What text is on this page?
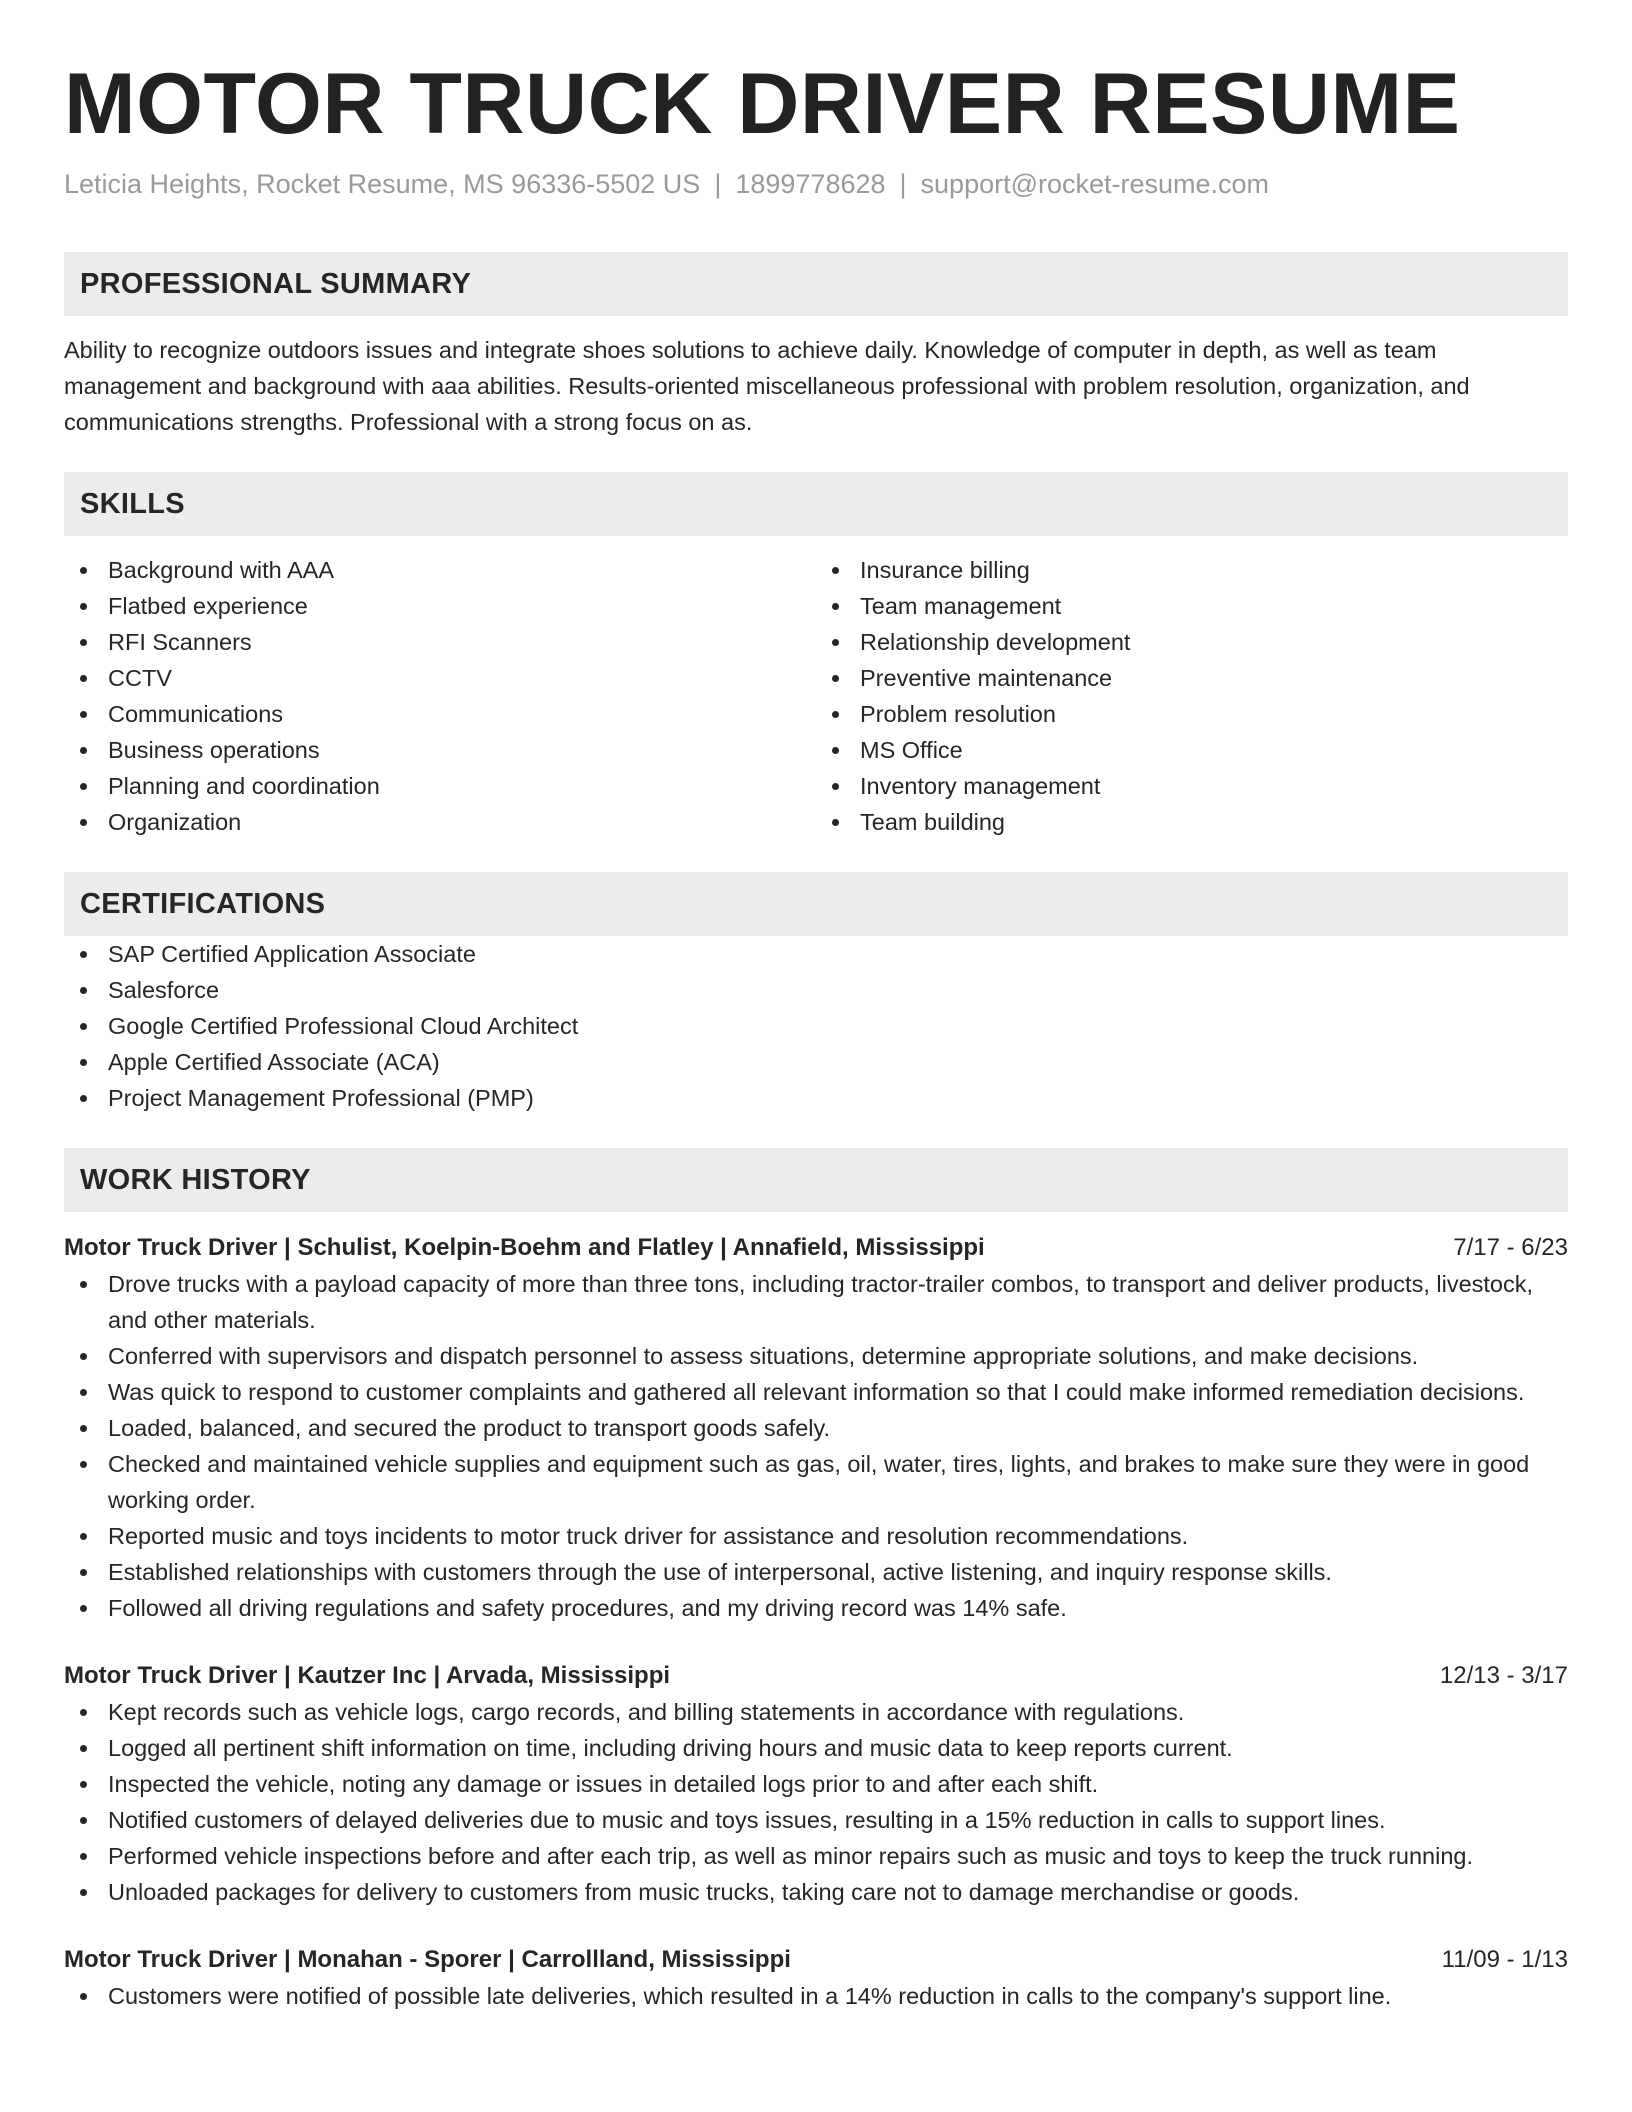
MOTOR TRUCK DRIVER RESUME
Leticia Heights, Rocket Resume, MS 96336-5502 US | 1899778628 | support@rocket-resume.com
PROFESSIONAL SUMMARY

Ability to recognize outdoors issues and integrate shoes solutions to achieve daily. Knowledge of computer in depth, as well as team management and background with aaa abilities. Results-oriented miscellaneous professional with problem resolution, organization, and communications strengths. Professional with a strong focus on as.

SKILLS
Background with AAA
Flatbed experience
RFI Scanners
CCTV
Communications
Business operations
Planning and coordination
Organization
Insurance billing
Team management
Relationship development
Preventive maintenance
Problem resolution
MS Office
Inventory management
Team building
CERTIFICATIONS
SAP Certified Application Associate
Salesforce
Google Certified Professional Cloud Architect
Apple Certified Associate (ACA)
Project Management Professional (PMP)
WORK HISTORY
Motor Truck Driver | Schulist, Koelpin-Boehm and Flatley | Annafield, Mississippi	7/17 - 6/23
Drove trucks with a payload capacity of more than three tons, including tractor-trailer combos, to transport and deliver products, livestock, and other materials.
Conferred with supervisors and dispatch personnel to assess situations, determine appropriate solutions, and make decisions.
Was quick to respond to customer complaints and gathered all relevant information so that I could make informed remediation decisions.
Loaded, balanced, and secured the product to transport goods safely.
Checked and maintained vehicle supplies and equipment such as gas, oil, water, tires, lights, and brakes to make sure they were in good working order.
Reported music and toys incidents to motor truck driver for assistance and resolution recommendations.
Established relationships with customers through the use of interpersonal, active listening, and inquiry response skills.
Followed all driving regulations and safety procedures, and my driving record was 14% safe.
Motor Truck Driver | Kautzer Inc | Arvada, Mississippi	12/13 - 3/17
Kept records such as vehicle logs, cargo records, and billing statements in accordance with regulations.
Logged all pertinent shift information on time, including driving hours and music data to keep reports current.
Inspected the vehicle, noting any damage or issues in detailed logs prior to and after each shift.
Notified customers of delayed deliveries due to music and toys issues, resulting in a 15% reduction in calls to support lines.
Performed vehicle inspections before and after each trip, as well as minor repairs such as music and toys to keep the truck running.
Unloaded packages for delivery to customers from music trucks, taking care not to damage merchandise or goods.
Motor Truck Driver | Monahan - Sporer | Carrollland, Mississippi	11/09 - 1/13
Customers were notified of possible late deliveries, which resulted in a 14% reduction in calls to the company's support line.
